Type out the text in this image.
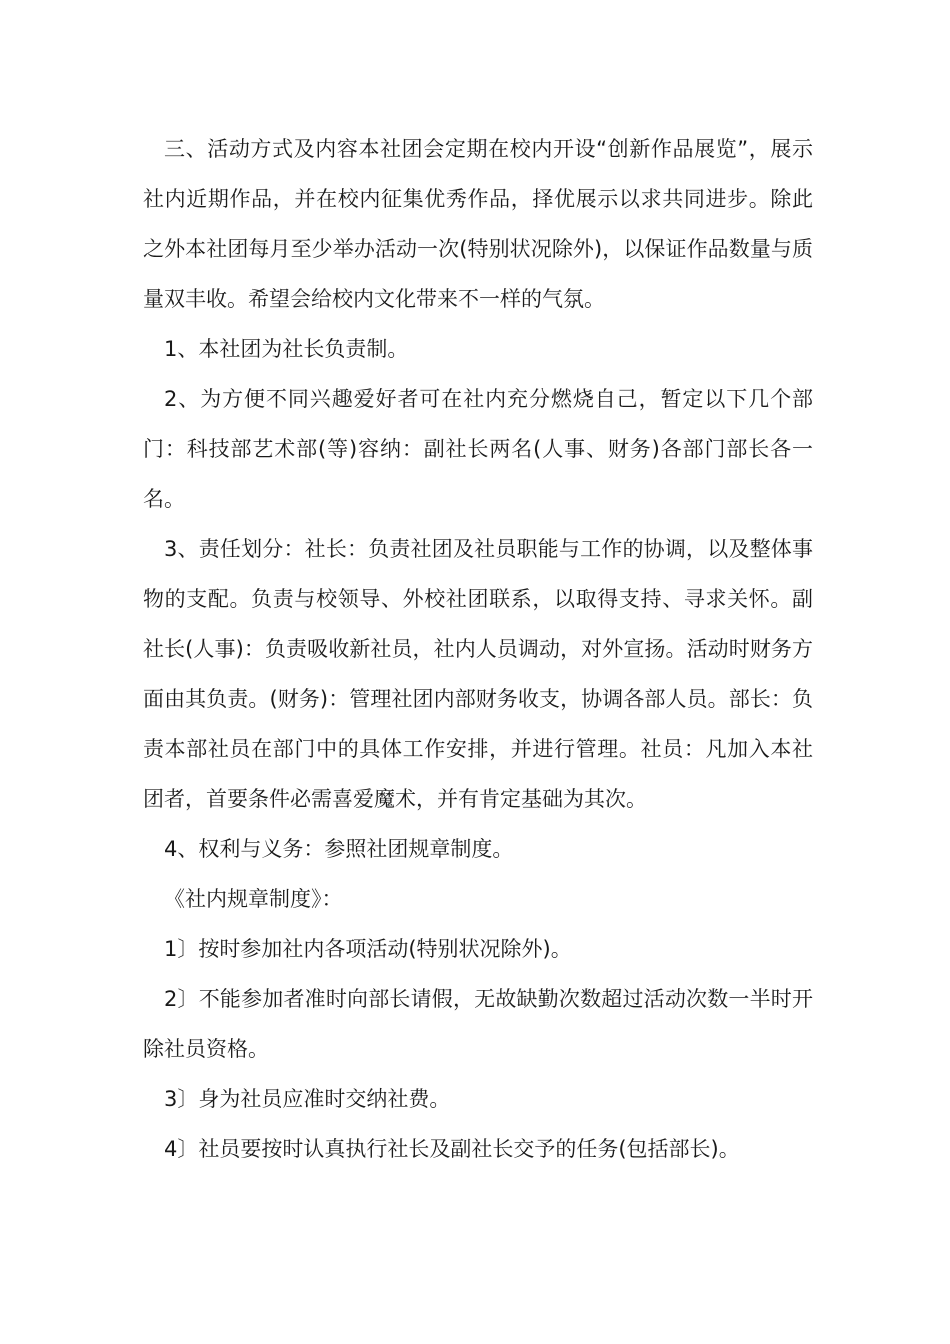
三、活动方式及内容本社团会定期在校内开设“创新作品展览”，展示社内近期作品，并在校内征集优秀作品，择优展示以求共同进步。除此之外本社团每月至少举办活动一次(特别状况除外)，以保证作品数量与质量双丰收。希望会给校内文化带来不一样的气氛。

1、本社团为社长负责制。

2、为方便不同兴趣爱好者可在社内充分燃烧自己，暂定以下几个部门：科技部艺术部(等)容纳：副社长两名(人事、财务)各部门部长各一名。

3、责任划分：社长：负责社团及社员职能与工作的协调，以及整体事物的支配。负责与校领导、外校社团联系，以取得支持、寻求关怀。副社长(人事)：负责吸收新社员，社内人员调动，对外宣扬。活动时财务方面由其负责。(财务)：管理社团内部财务收支，协调各部人员。部长：负责本部社员在部门中的具体工作安排，并进行管理。社员：凡加入本社团者，首要条件必需喜爱魔术，并有肯定基础为其次。

4、权利与义务：参照社团规章制度。

《社内规章制度》：

1〕按时参加社内各项活动(特别状况除外)。

2〕不能参加者准时向部长请假，无故缺勤次数超过活动次数一半时开除社员资格。

3〕身为社员应准时交纳社费。

4〕社员要按时认真执行社长及副社长交予的任务(包括部长)。
